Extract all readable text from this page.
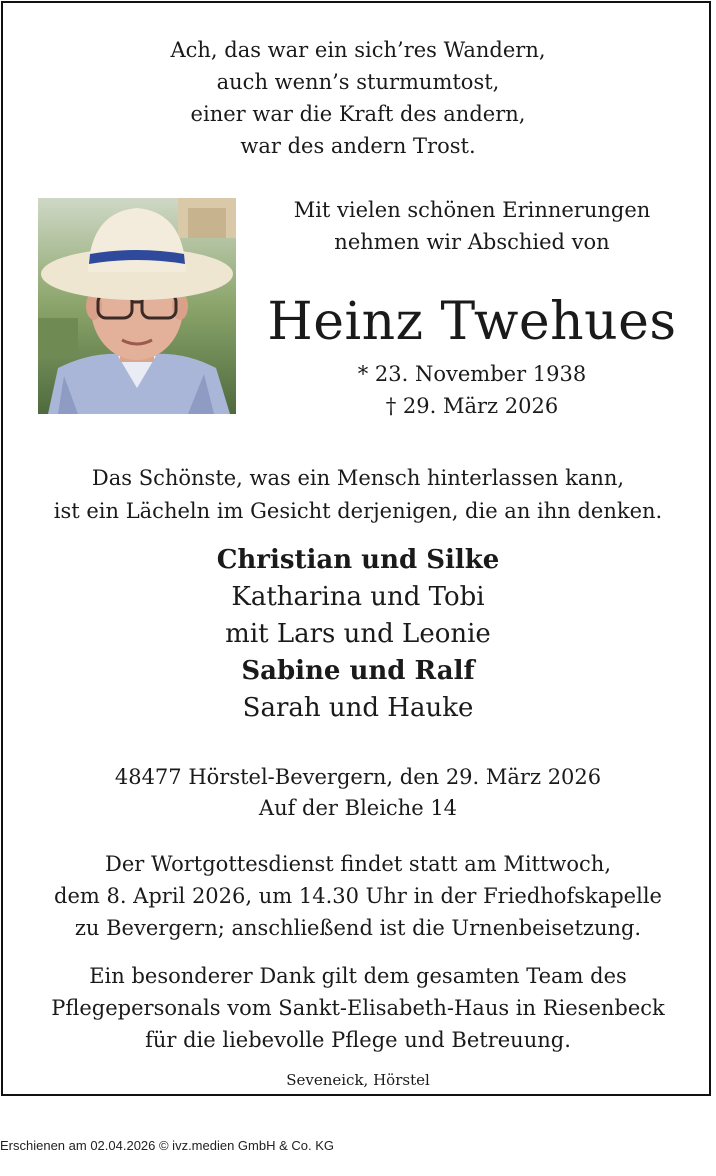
Ach, das war ein sich’res Wandern,
auch wenn’s sturmumtost,
einer war die Kraft des andern,
war des andern Trost.
Mit vielen schönen Erinnerungen
nehmen wir Abschied von
Heinz Twehues
* 23. November 1938
† 29. März 2026
Das Schönste, was ein Mensch hinterlassen kann,
ist ein Lächeln im Gesicht derjenigen, die an ihn denken.
Christian und Silke
Katharina und Tobi
mit Lars und Leonie
Sabine und Ralf
Sarah und Hauke
48477 Hörstel-Bevergern, den 29. März 2026
Auf der Bleiche 14
Der Wortgottesdienst findet statt am Mittwoch,
dem 8. April 2026, um 14.30 Uhr in der Friedhofskapelle
zu Bevergern; anschließend ist die Urnenbeisetzung.
Ein besonderer Dank gilt dem gesamten Team des
Pflegepersonals vom Sankt-Elisabeth-Haus in Riesenbeck
für die liebevolle Pflege und Betreuung.
Seveneick, Hörstel
Erschienen am 02.04.2026 © ivz.medien GmbH & Co. KG
